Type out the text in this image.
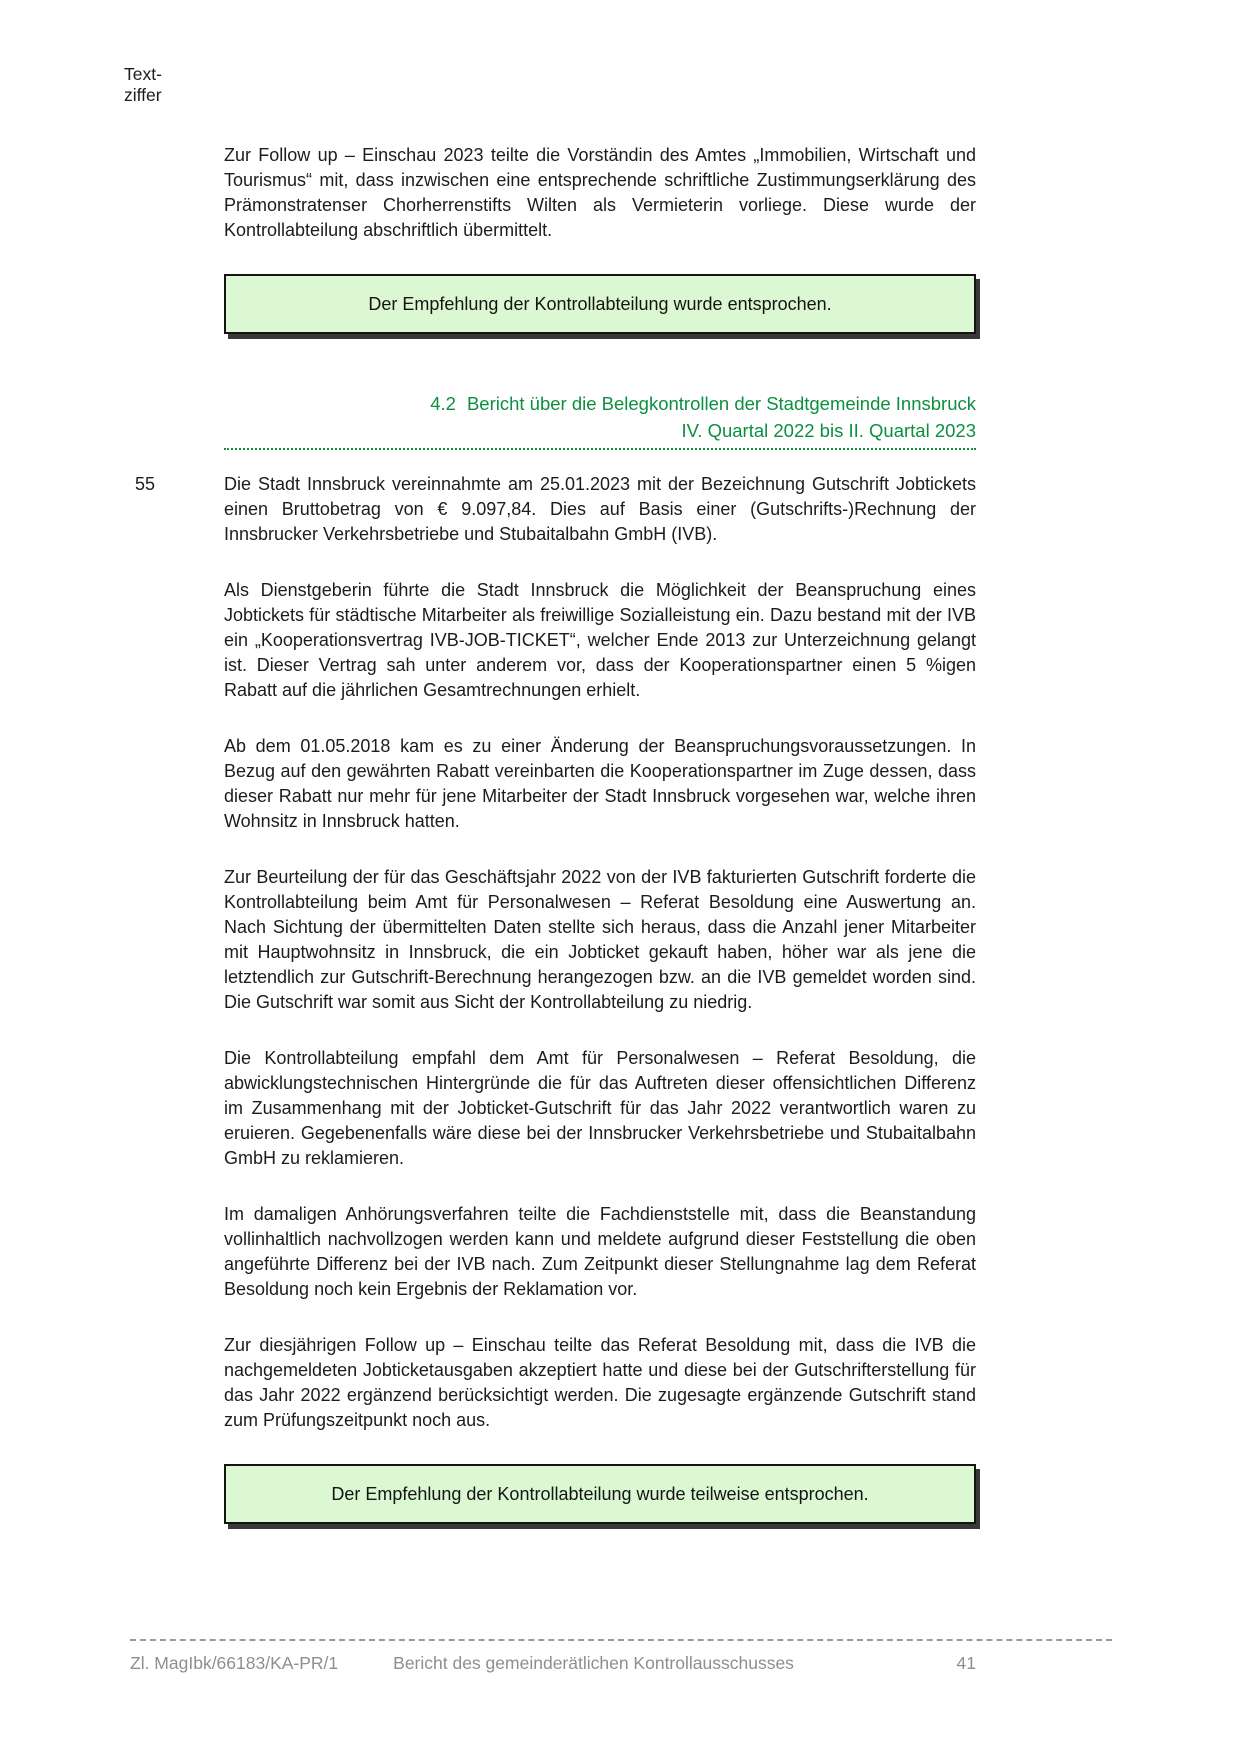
Text-
ziffer

Zur Follow up – Einschau 2023 teilte die Vorständin des Amtes „Immobilien, Wirtschaft und Tourismus“ mit, dass inzwischen eine entsprechende schriftliche Zustimmungserklärung des Prämonstratenser Chorherrenstifts Wilten als Vermieterin vorliege. Diese wurde der Kontrollabteilung abschriftlich übermittelt.

Der Empfehlung der Kontrollabteilung wurde entsprochen.
4.2 Bericht über die Belegkontrollen der Stadtgemeinde Innsbruck
IV. Quartal 2022 bis II. Quartal 2023
55	Die Stadt Innsbruck vereinnahmte am 25.01.2023 mit der Bezeichnung Gutschrift Jobtickets einen Bruttobetrag von € 9.097,84. Dies auf Basis einer (Gutschrifts-)Rechnung der Innsbrucker Verkehrsbetriebe und Stubaitalbahn GmbH (IVB).

Als Dienstgeberin führte die Stadt Innsbruck die Möglichkeit der Beanspruchung eines Jobtickets für städtische Mitarbeiter als freiwillige Sozialleistung ein. Dazu bestand mit der IVB ein „Kooperationsvertrag IVB-JOB-TICKET“, welcher Ende 2013 zur Unterzeichnung gelangt ist. Dieser Vertrag sah unter anderem vor, dass der Kooperationspartner einen 5 %igen Rabatt auf die jährlichen Gesamtrechnungen erhielt.

Ab dem 01.05.2018 kam es zu einer Änderung der Beanspruchungsvoraussetzungen. In Bezug auf den gewährten Rabatt vereinbarten die Kooperationspartner im Zuge dessen, dass dieser Rabatt nur mehr für jene Mitarbeiter der Stadt Innsbruck vorgesehen war, welche ihren Wohnsitz in Innsbruck hatten.

Zur Beurteilung der für das Geschäftsjahr 2022 von der IVB fakturierten Gutschrift forderte die Kontrollabteilung beim Amt für Personalwesen – Referat Besoldung eine Auswertung an. Nach Sichtung der übermittelten Daten stellte sich heraus, dass die Anzahl jener Mitarbeiter mit Hauptwohnsitz in Innsbruck, die ein Jobticket gekauft haben, höher war als jene die letztendlich zur Gutschrift-Berechnung herangezogen bzw. an die IVB gemeldet worden sind. Die Gutschrift war somit aus Sicht der Kontrollabteilung zu niedrig.

Die Kontrollabteilung empfahl dem Amt für Personalwesen – Referat Besoldung, die abwicklungstechnischen Hintergründe die für das Auftreten dieser offensichtlichen Differenz im Zusammenhang mit der Jobticket-Gutschrift für das Jahr 2022 verantwortlich waren zu eruieren. Gegebenenfalls wäre diese bei der Innsbrucker Verkehrsbetriebe und Stubaitalbahn GmbH zu reklamieren.

Im damaligen Anhörungsverfahren teilte die Fachdienststelle mit, dass die Beanstandung vollinhaltlich nachvollzogen werden kann und meldete aufgrund dieser Feststellung die oben angeführte Differenz bei der IVB nach. Zum Zeitpunkt dieser Stellungnahme lag dem Referat Besoldung noch kein Ergebnis der Reklamation vor.

Zur diesjährigen Follow up – Einschau teilte das Referat Besoldung mit, dass die IVB die nachgemeldeten Jobticketausgaben akzeptiert hatte und diese bei der Gutschrifterstellung für das Jahr 2022 ergänzend berücksichtigt werden. Die zugesagte ergänzende Gutschrift stand zum Prüfungszeitpunkt noch aus.

Der Empfehlung der Kontrollabteilung wurde teilweise entsprochen.
Zl. MagIbk/66183/KA-PR/1	Bericht des gemeinderätlichen Kontrollausschusses	41
